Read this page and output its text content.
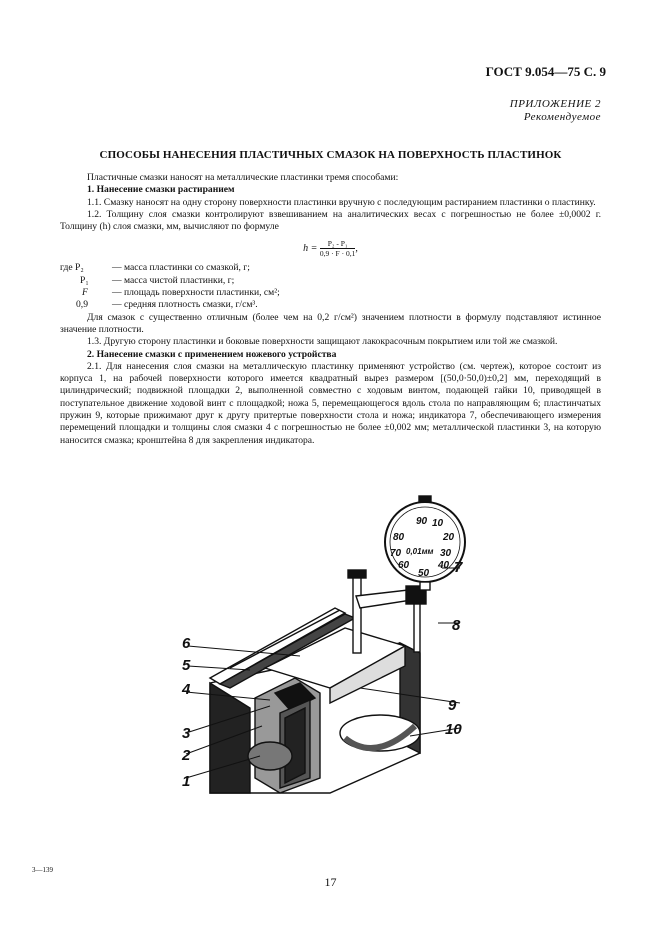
ГОСТ 9.054—75 С. 9
ПРИЛОЖЕНИЕ 2
Рекомендуемое
СПОСОБЫ НАНЕСЕНИЯ ПЛАСТИЧНЫХ СМАЗОК НА ПОВЕРХНОСТЬ ПЛАСТИНОК

Пластичные смазки наносят на металлические пластинки тремя способами:

1. Нанесение смазки растиранием

1.1. Смазку наносят на одну сторону поверхности пластинки вручную с последующим растиранием пластинки о пластинку.

1.2. Толщину слоя смазки контролируют взвешиванием на аналитических весах с погрешностью не более ±0,0002 г. Толщину (h) слоя смазки, мм, вычисляют по формуле

$h = \frac{\text{P₂ - P₁}}{0,9 \cdot F \cdot 0,1}$ ,
где P₂	— масса пластинки со смазкой, г;
P₁	— масса чистой пластинки, г;
F	— площадь поверхности пластинки, см²;
0,9	— средняя плотность смазки, г/см³.

Для смазок с существенно отличным (более чем на 0,2 г/см²) значением плотности в формулу подставляют истинное значение плотности.

1.3. Другую сторону пластинки и боковые поверхности защищают лакокрасочным покрытием или той же смазкой.

2. Нанесение смазки с применением ножевого устройства

2.1. Для нанесения слоя смазки на металлическую пластинку применяют устройство (см. чертеж), которое состоит из корпуса 1, на рабочей поверхности которого имеется квадратный вырез размером [(50,0·50,0)±0,2] мм, переходящий в цилиндрический; подвижной площадки 2, выполненной совместно с ходовым винтом, подающей гайки 10, приводящей в поступательное движение ходовой винт с площадкой; ножа 5, перемещающегося вдоль стола по направляющим 6; пластинчатых пружин 9, которые прижимают друг к другу притертые поверхности стола и ножа; индикатора 7, обеспечивающего измерения перемещений площадки и толщины слоя смазки 4 с погрешностью не более ±0,002 мм; металлической пластинки 3, на которую наносится смазка; кронштейна 8 для закрепления индикатора.

90 10
20
80
30
70 0,01мм
40
60
50
1
2
3
4
5
6
7
8
9
10
3—139
17
